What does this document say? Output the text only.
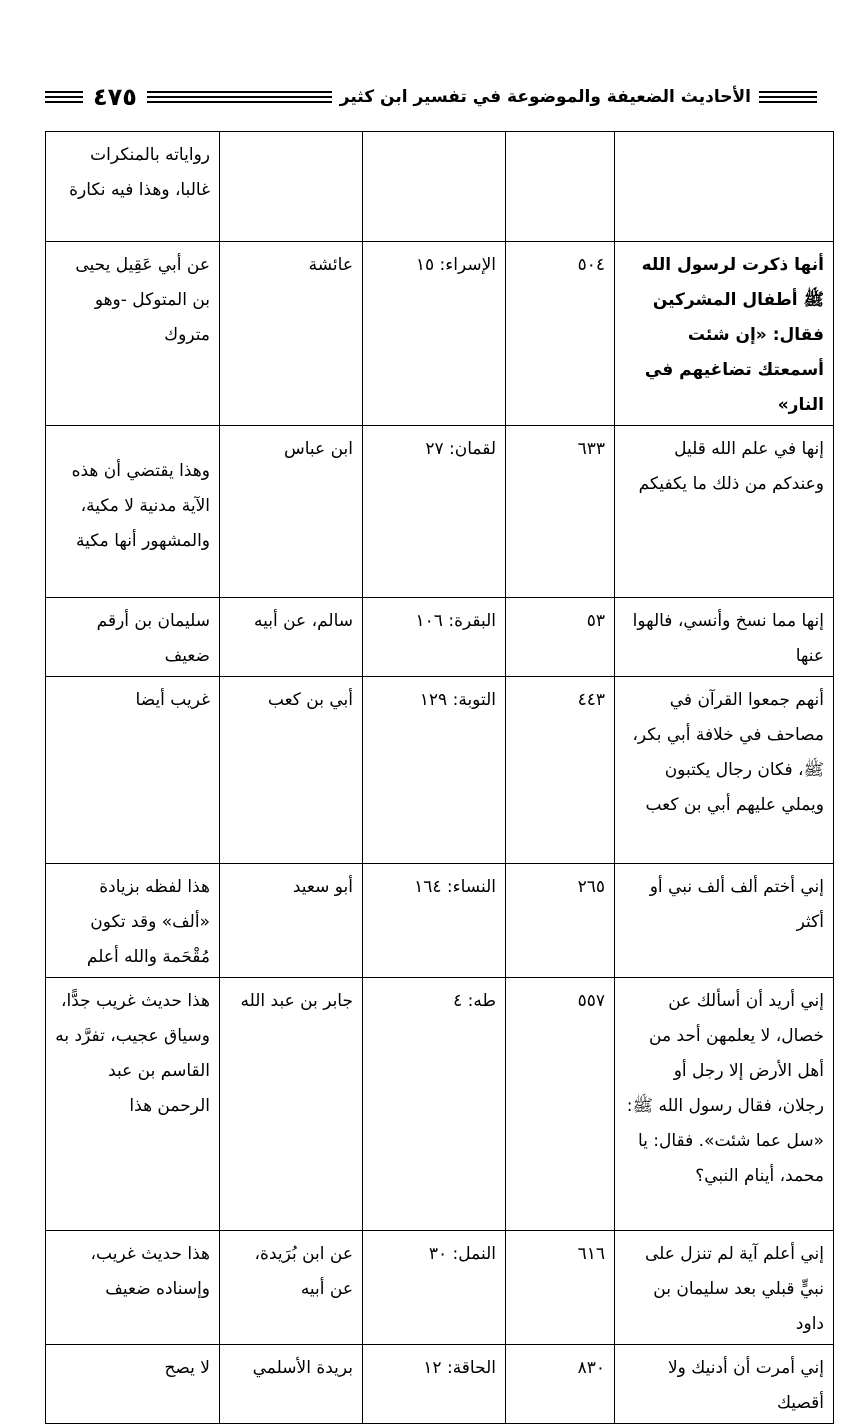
الأحاديث الضعيفة والموضوعة في تفسير ابن كثير
٤٧٥
				رواياته بالمنكرات غالبا، وهذا فيه نكارة
أنها ذكرت لرسول الله ﷺ أطفال المشركين فقال: «إن شئت أسمعتك تضاغيهم في النار»	٥٠٤	الإسراء: ١٥	عائشة	عن أبي عَقِيل يحيى بن المتوكل -وهو متروك
إنها في علم الله قليل وعندكم من ذلك ما يكفيكم	٦٣٣	لقمان: ٢٧	ابن عباس	وهذا يقتضي أن هذه الآية مدنية لا مكية، والمشهور أنها مكية
إنها مما نسخ وأنسي، فالهوا عنها	٥٣	البقرة: ١٠٦	سالم، عن أبيه	سليمان بن أرقم ضعيف
أنهم جمعوا القرآن في مصاحف في خلافة أبي بكر، ﷺ، فكان رجال يكتبون ويملي عليهم أبي بن كعب	٤٤٣	التوبة: ١٢٩	أبي بن كعب	غريب أيضا
إني أختم ألف ألف نبي أو أكثر	٢٦٥	النساء: ١٦٤	أبو سعيد	هذا لفظه بزيادة «ألف» وقد تكون مُقْحَمة والله أعلم
إني أريد أن أسألك عن خصال، لا يعلمهن أحد من أهل الأرض إلا رجل أو رجلان، فقال رسول الله ﷺ: «سل عما شئت». فقال: يا محمد، أينام النبي؟	٥٥٧	طه: ٤	جابر بن عبد الله	هذا حديث غريب جدًّا، وسياق عجيب، تفرَّد به القاسم بن عبد الرحمن هذا
إني أعلم آية لم تنزل على نبيٍّ قبلي بعد سليمان بن داود	٦١٦	النمل: ٣٠	عن ابن بُرَيدة، عن أبيه	هذا حديث غريب، وإسناده ضعيف
إني أمرت أن أدنيك ولا أقصيك	٨٣٠	الحاقة: ١٢	بريدة الأسلمي	لا يصح
